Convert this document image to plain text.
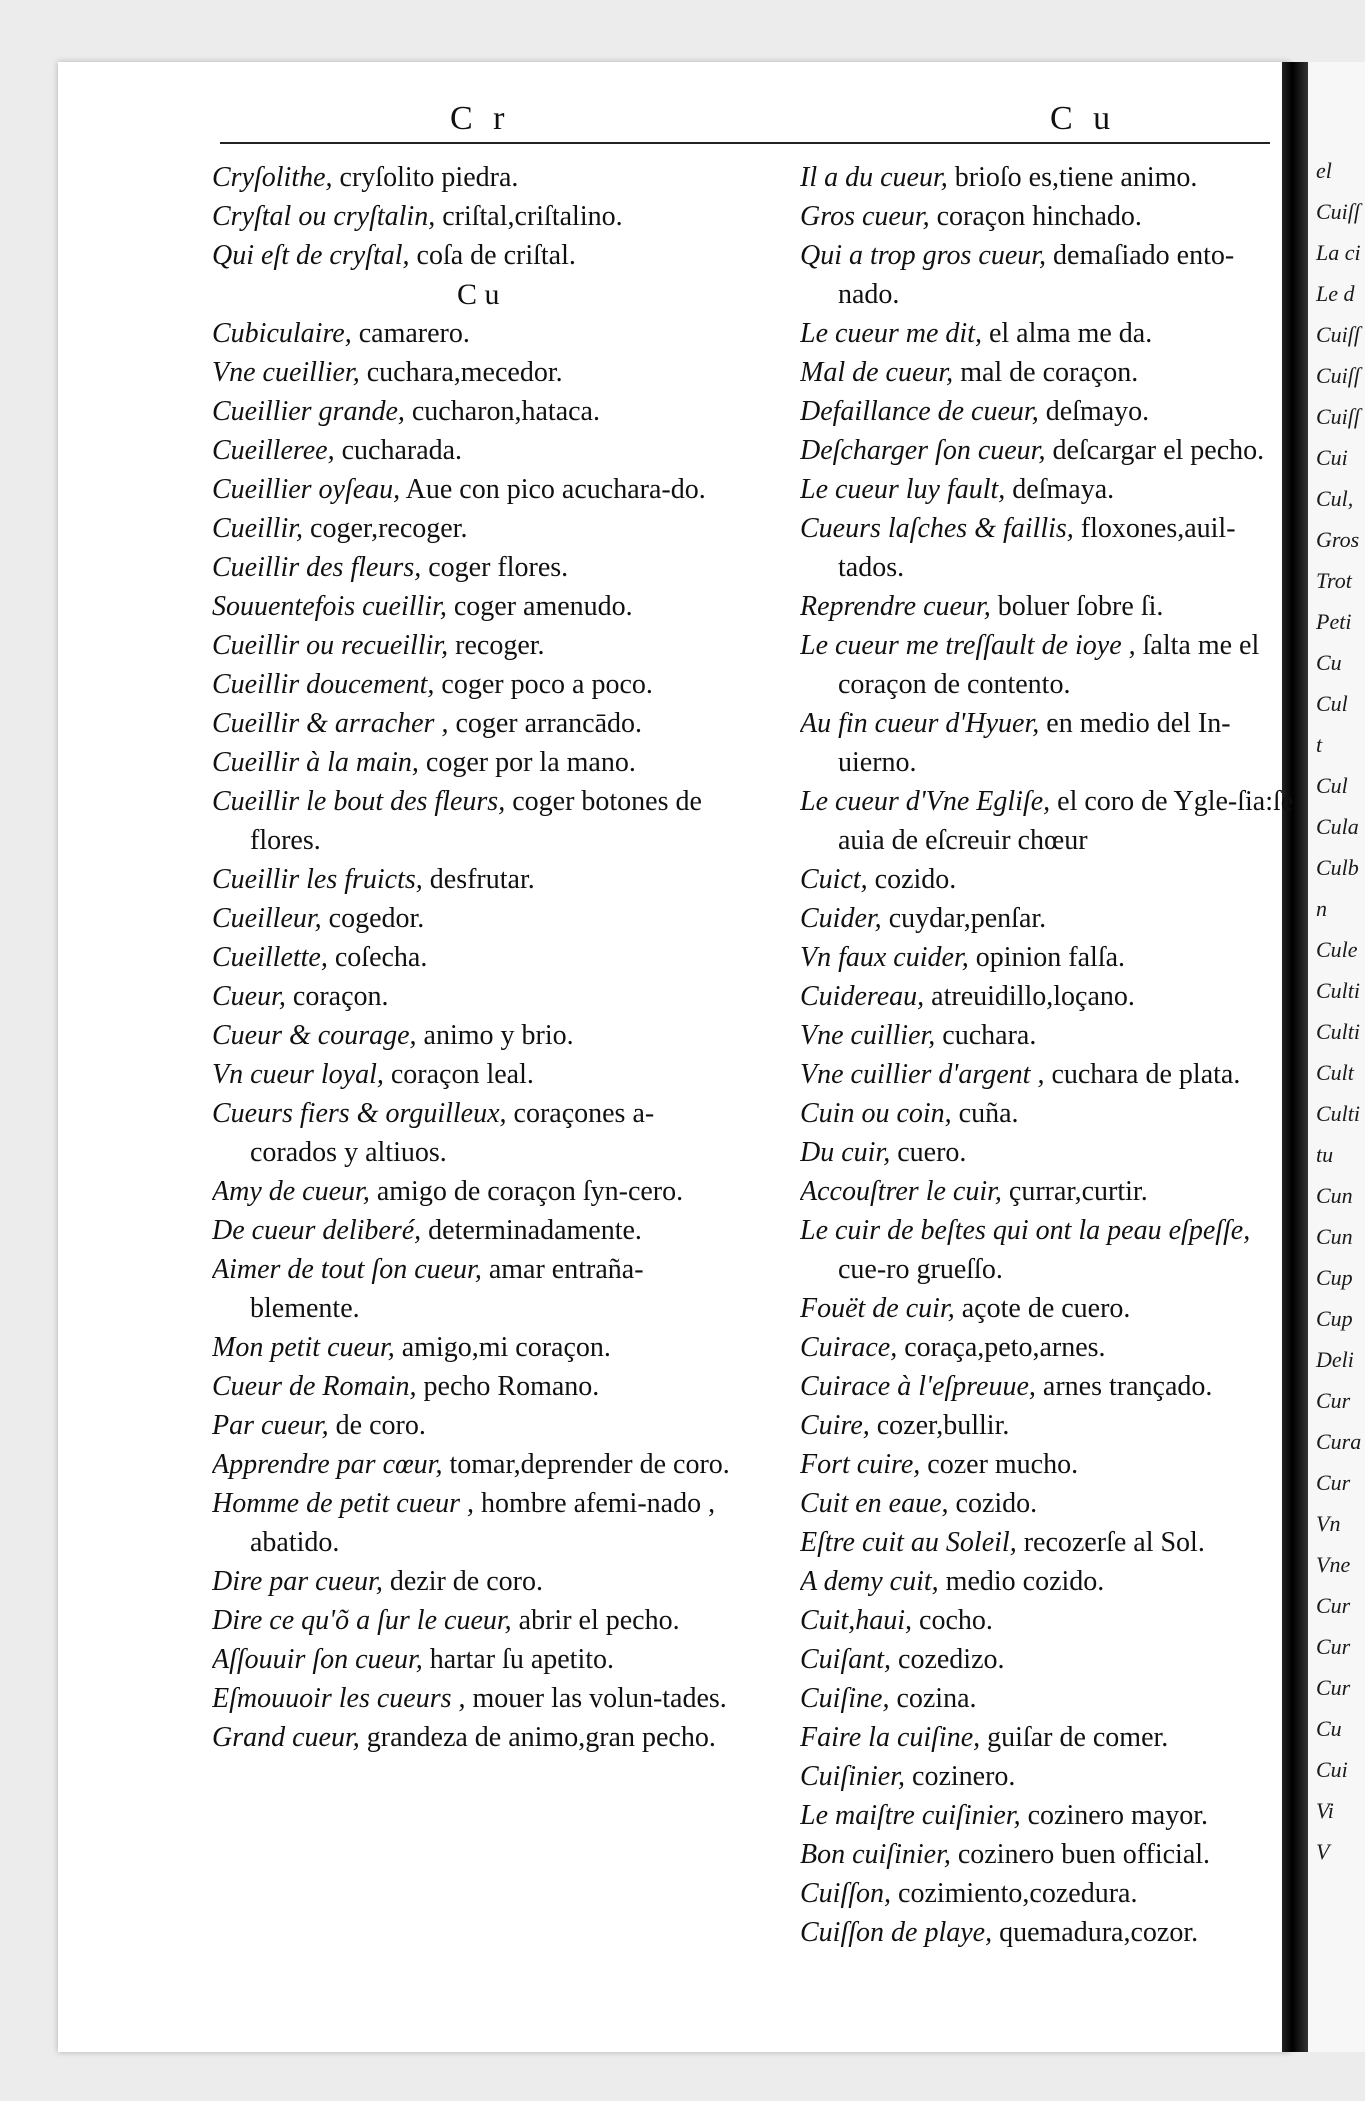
el
Cuiſſ
La ci
Le d
Cuiſſ
Cuiſſ
Cuiſſ
Cui
Cul,
Gros
Trot
Peti
Cu
Cul
t
Cul
Cula
Culb
n
Cule
Culti
Culti
Cult
Culti
tu
Cun
Cun
Cup
Cup
Deli
Cur
Cura
Cur
Vn
Vne
Cur
Cur
Cur
Cu
Cui
Vi
V
C r	C u
Cryſolithe, cryſolito piedra.
Cryſtal ou cryſtalin, criſtal,criſtalino.
Qui eſt de cryſtal, coſa de criſtal.
C u
Cubiculaire, camarero.
Vne cueillier, cuchara,mecedor.
Cueillier grande, cucharon,hataca.
Cueilleree, cucharada.
Cueillier oyſeau, Aue con pico acuchara-do.
Cueillir, coger,recoger.
Cueillir des fleurs, coger flores.
Souuentefois cueillir, coger amenudo.
Cueillir ou recueillir, recoger.
Cueillir doucement, coger poco a poco.
Cueillir & arracher , coger arrancādo.
Cueillir à la main, coger por la mano.
Cueillir le bout des fleurs, coger botones de flores.
Cueillir les fruicts, desfrutar.
Cueilleur, cogedor.
Cueillette, coſecha.
Cueur, coraçon.
Cueur & courage, animo y brio.
Vn cueur loyal, coraçon leal.
Cueurs fiers & orguilleux, coraçones a-corados y altiuos.
Amy de cueur, amigo de coraçon ſyn-cero.
De cueur deliberé, determinadamente.
Aimer de tout ſon cueur, amar entraña-blemente.
Mon petit cueur, amigo,mi coraçon.
Cueur de Romain, pecho Romano.
Par cueur, de coro.
Apprendre par cœur, tomar,deprender de coro.
Homme de petit cueur , hombre afemi-nado , abatido.
Dire par cueur, dezir de coro.
Dire ce qu'õ a ſur le cueur, abrir el pecho.
Aſſouuir ſon cueur, hartar ſu apetito.
Eſmouuoir les cueurs , mouer las volun-tades.
Grand cueur, grandeza de animo,gran pecho.
Il a du cueur, brioſo es,tiene animo.
Gros cueur, coraçon hinchado.
Qui a trop gros cueur, demaſiado ento-nado.
Le cueur me dit, el alma me da.
Mal de cueur, mal de coraçon.
Defaillance de cueur, deſmayo.
Deſcharger ſon cueur, deſcargar el pecho.
Le cueur luy fault, deſmaya.
Cueurs laſches & faillis, floxones,auil-tados.
Reprendre cueur, boluer ſobre ſi.
Le cueur me treſſault de ioye , ſalta me el coraçon de contento.
Au fin cueur d'Hyuer, en medio del In-uierno.
Le cueur d'Vne Egliſe, el coro de Ygle-ſia:ſe auia de eſcreuir chœur
Cuict, cozido.
Cuider, cuydar,penſar.
Vn faux cuider, opinion falſa.
Cuidereau, atreuidillo,loçano.
Vne cuillier, cuchara.
Vne cuillier d'argent , cuchara de plata.
Cuin ou coin, cuña.
Du cuir, cuero.
Accouſtrer le cuir, çurrar,curtir.
Le cuir de beſtes qui ont la peau eſpeſſe, cue-ro grueſſo.
Fouët de cuir, açote de cuero.
Cuirace, coraça,peto,arnes.
Cuirace à l'eſpreuue, arnes trançado.
Cuire, cozer,bullir.
Fort cuire, cozer mucho.
Cuit en eaue, cozido.
Eſtre cuit au Soleil, recozerſe al Sol.
A demy cuit, medio cozido.
Cuit,haui, cocho.
Cuiſant, cozedizo.
Cuiſine, cozina.
Faire la cuiſine, guiſar de comer.
Cuiſinier, cozinero.
Le maiſtre cuiſinier, cozinero mayor.
Bon cuiſinier, cozinero buen official.
Cuiſſon, cozimiento,cozedura.
Cuiſſon de playe, quemadura,cozor.
